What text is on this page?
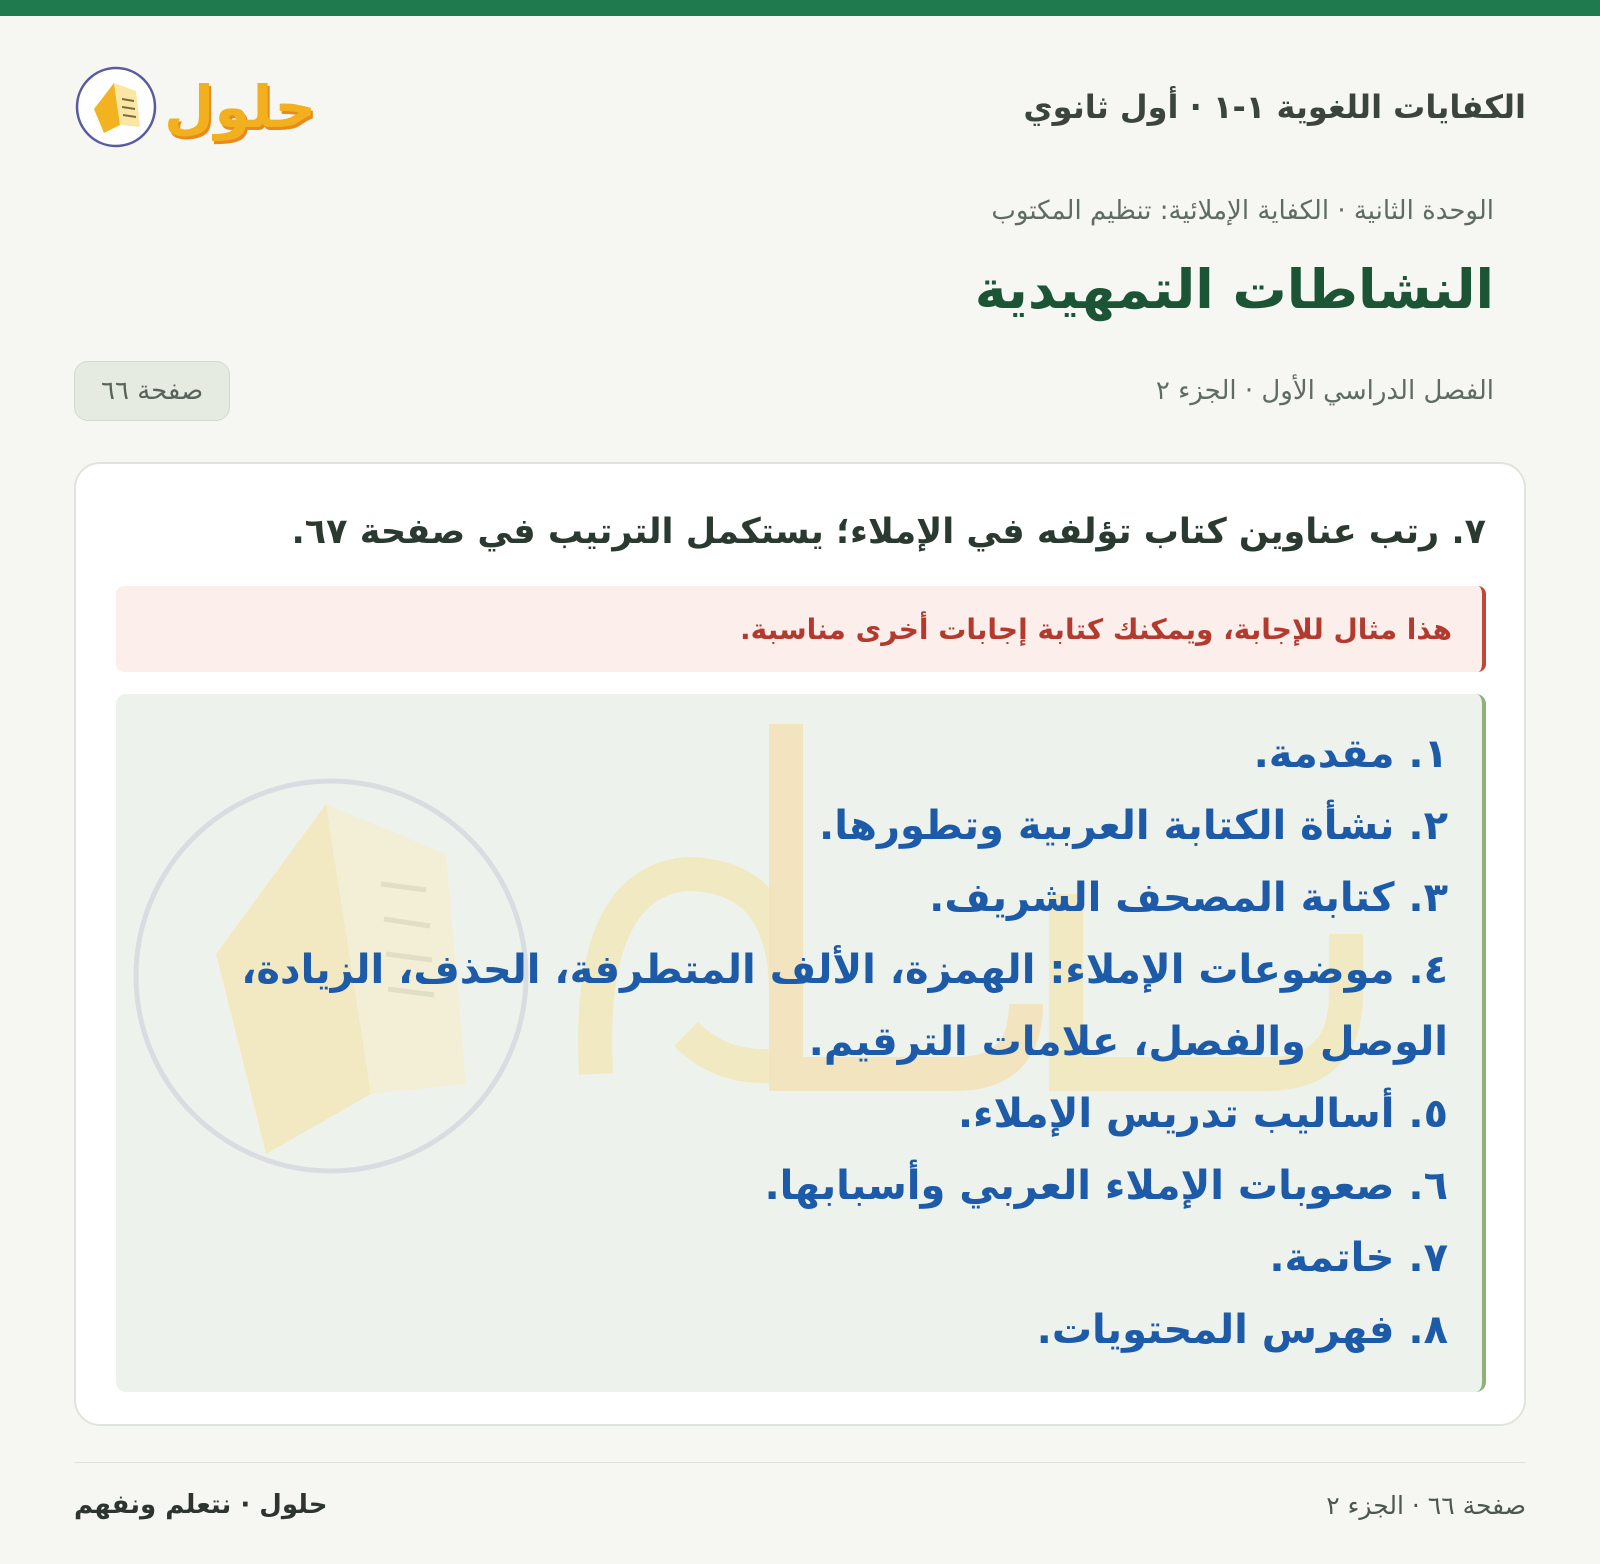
الكفايات اللغوية ١-١ · أول ثانوي
حلول
الوحدة الثانية · الكفاية الإملائية: تنظيم المكتوب
النشاطات التمهيدية
الفصل الدراسي الأول · الجزء ٢
صفحة ٦٦
٧. رتب عناوين كتاب تؤلفه في الإملاء؛ يستكمل الترتيب في صفحة ٦٧.
هذا مثال للإجابة، ويمكنك كتابة إجابات أخرى مناسبة.
١. مقدمة.
٢. نشأة الكتابة العربية وتطورها.
٣. كتابة المصحف الشريف.
٤. موضوعات الإملاء: الهمزة، الألف المتطرفة، الحذف، الزيادة، الوصل والفصل، علامات الترقيم.
٥. أساليب تدريس الإملاء.
٦. صعوبات الإملاء العربي وأسبابها.
٧. خاتمة.
٨. فهرس المحتويات.
صفحة ٦٦ · الجزء ٢
حلول · نتعلم ونفهم
